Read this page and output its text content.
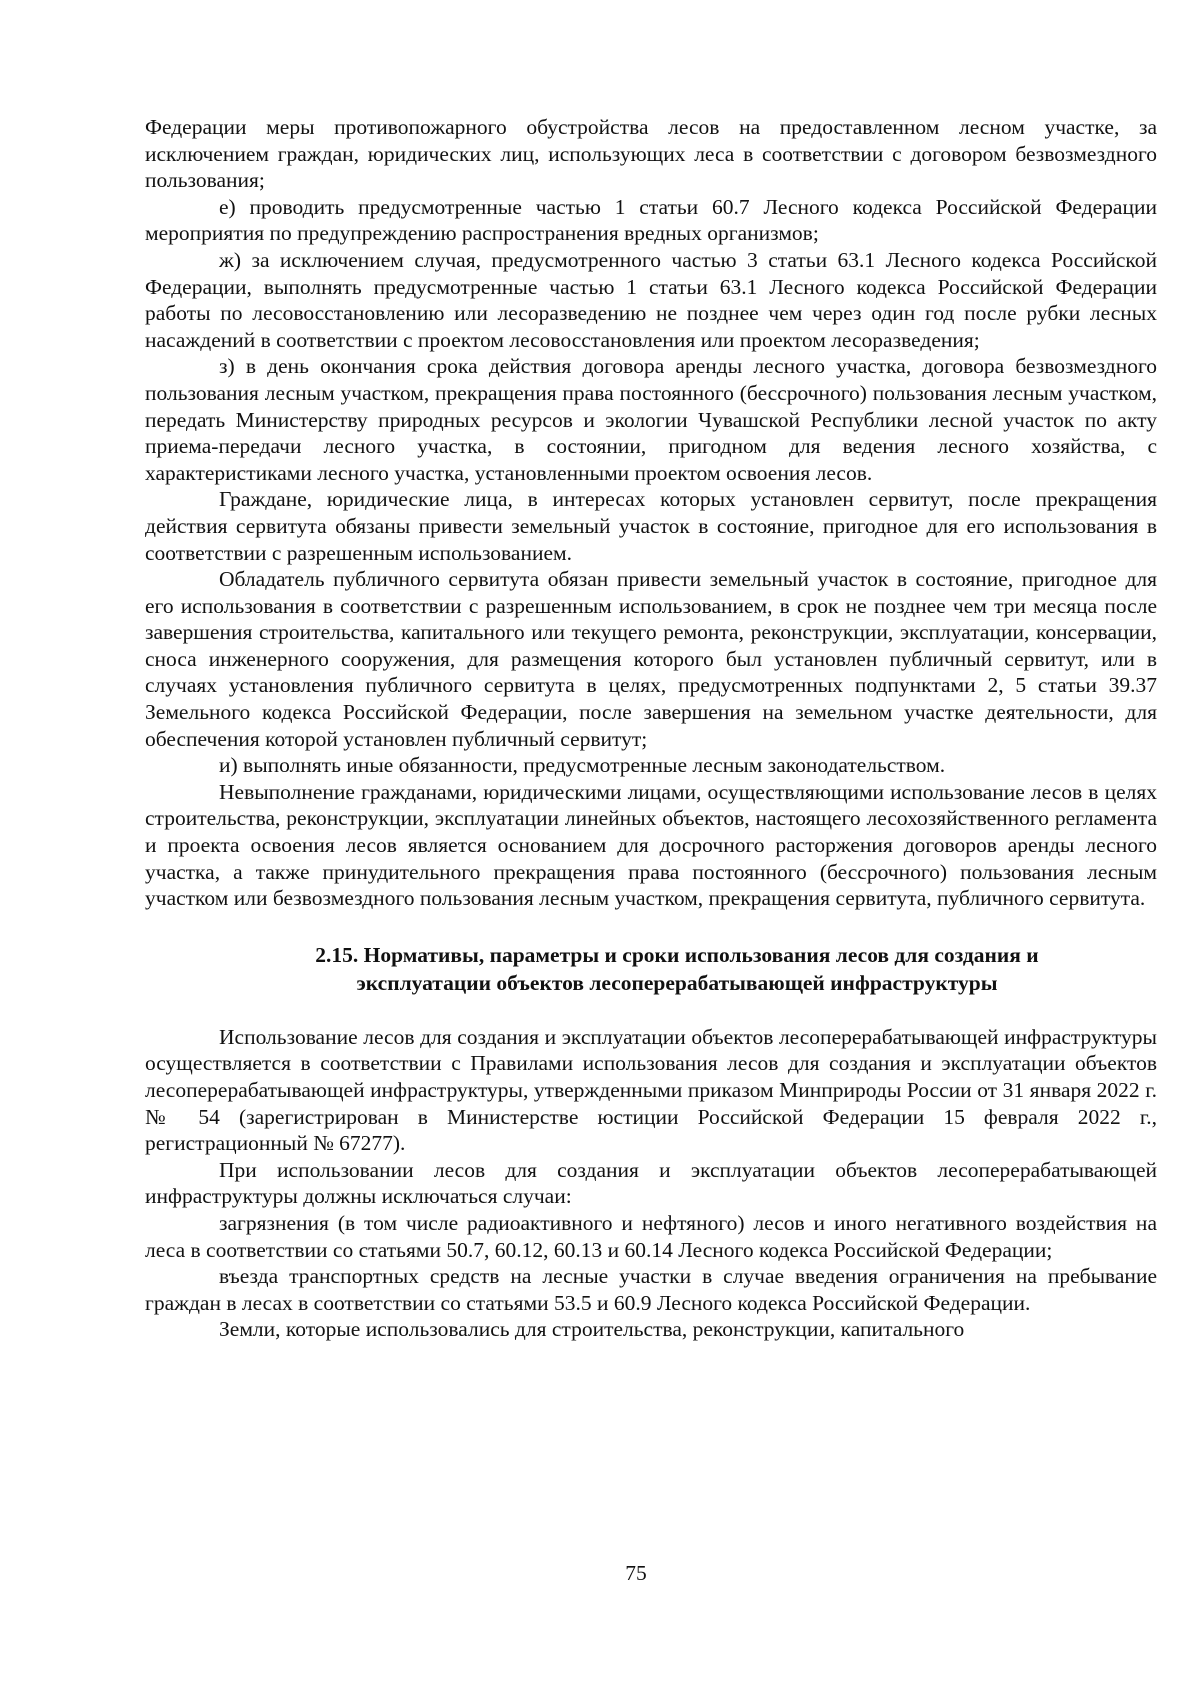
Федерации меры противопожарного обустройства лесов на предоставленном лесном участке, за исключением граждан, юридических лиц, использующих леса в соответствии с договором безвозмездного пользования;

е) проводить предусмотренные частью 1 статьи 60.7 Лесного кодекса Российской Федерации мероприятия по предупреждению распространения вредных организмов;

ж) за исключением случая, предусмотренного частью 3 статьи 63.1 Лесного кодекса Российской Федерации, выполнять предусмотренные частью 1 статьи 63.1 Лесного кодекса Российской Федерации работы по лесовосстановлению или лесоразведению не позднее чем через один год после рубки лесных насаждений в соответствии с проектом лесовосстановления или проектом лесоразведения;

з) в день окончания срока действия договора аренды лесного участка, договора безвозмездного пользования лесным участком, прекращения права постоянного (бессрочного) пользования лесным участком, передать Министерству природных ресурсов и экологии Чувашской Республики лесной участок по акту приема-передачи лесного участка, в состоянии, пригодном для ведения лесного хозяйства, с характеристиками лесного участка, установленными проектом освоения лесов.

Граждане, юридические лица, в интересах которых установлен сервитут, после прекращения действия сервитута обязаны привести земельный участок в состояние, пригодное для его использования в соответствии с разрешенным использованием.

Обладатель публичного сервитута обязан привести земельный участок в состояние, пригодное для его использования в соответствии с разрешенным использованием, в срок не позднее чем три месяца после завершения строительства, капитального или текущего ремонта, реконструкции, эксплуатации, консервации, сноса инженерного сооружения, для размещения которого был установлен публичный сервитут, или в случаях установления публичного сервитута в целях, предусмотренных подпунктами 2, 5 статьи 39.37 Земельного кодекса Российской Федерации, после завершения на земельном участке деятельности, для обеспечения которой установлен публичный сервитут;

и) выполнять иные обязанности, предусмотренные лесным законодательством.

Невыполнение гражданами, юридическими лицами, осуществляющими использование лесов в целях строительства, реконструкции, эксплуатации линейных объектов, настоящего лесохозяйственного регламента и проекта освоения лесов является основанием для досрочного расторжения договоров аренды лесного участка, а также принудительного прекращения права постоянного (бессрочного) пользования лесным участком или безвозмездного пользования лесным участком, прекращения сервитута, публичного сервитута.

2.15. Нормативы, параметры и сроки использования лесов для создания и
эксплуатации объектов лесоперерабатывающей инфраструктуры

Использование лесов для создания и эксплуатации объектов лесоперерабатывающей инфраструктуры осуществляется в соответствии с Правилами использования лесов для создания и эксплуатации объектов лесоперерабатывающей инфраструктуры, утвержденными приказом Минприроды России от 31 января 2022 г. № 54 (зарегистрирован в Министерстве юстиции Российской Федерации 15 февраля 2022 г., регистрационный № 67277).

При использовании лесов для создания и эксплуатации объектов лесоперерабатывающей инфраструктуры должны исключаться случаи:

загрязнения (в том числе радиоактивного и нефтяного) лесов и иного негативного воздействия на леса в соответствии со статьями 50.7, 60.12, 60.13 и 60.14 Лесного кодекса Российской Федерации;

въезда транспортных средств на лесные участки в случае введения ограничения на пребывание граждан в лесах в соответствии со статьями 53.5 и 60.9 Лесного кодекса Российской Федерации.

Земли, которые использовались для строительства, реконструкции, капитального

75
